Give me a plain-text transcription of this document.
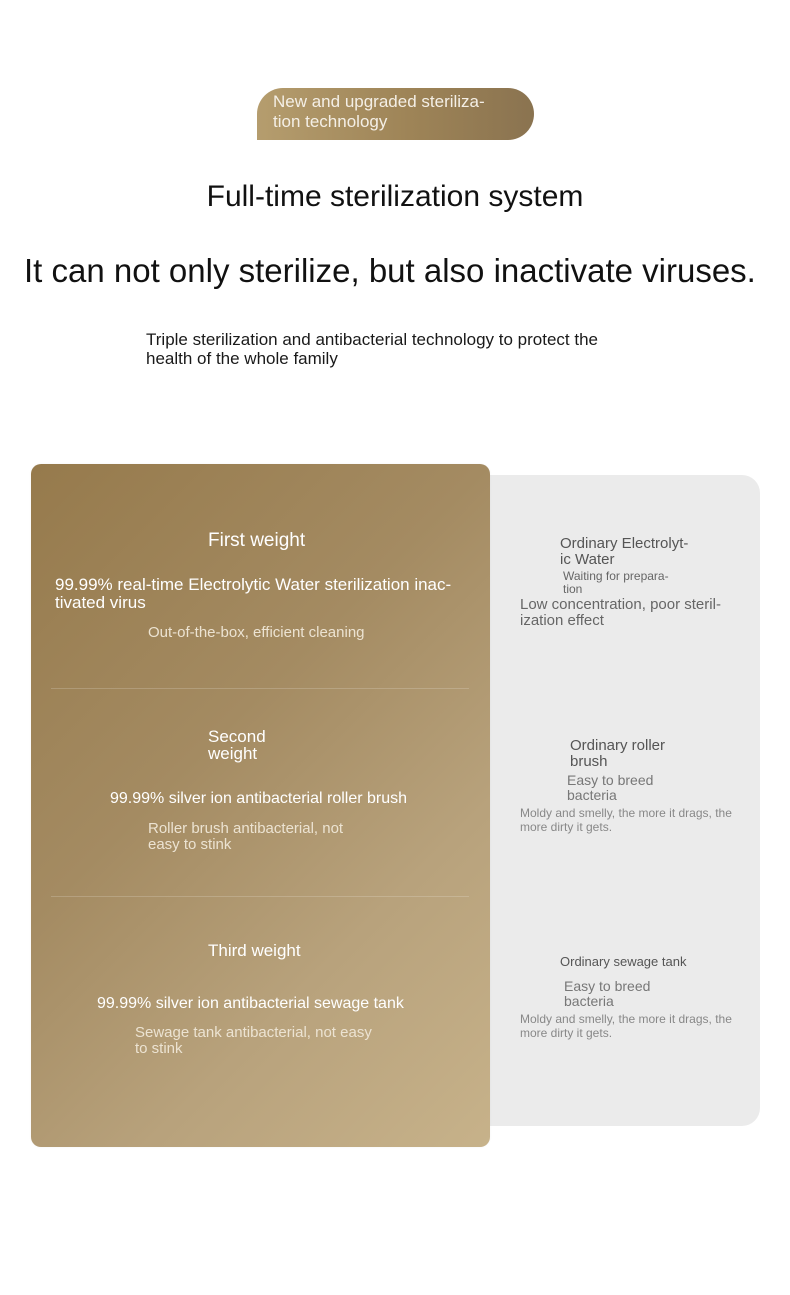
New and upgraded steriliza- tion technology
Full-time sterilization system
It can not only sterilize, but also inactivate viruses.
Triple sterilization and antibacterial technology to protect the health of the whole family
Ordinary Electrolyt- ic Water
Waiting for prepara- tion
Low concentration, poor steril- ization effect
Ordinary roller brush
Easy to breed bacteria
Moldy and smelly, the more it drags, the more dirty it gets.
Ordinary sewage tank
Easy to breed bacteria
Moldy and smelly, the more it drags, the more dirty it gets.
First weight
99.99% real-time Electrolytic Water sterilization inac- tivated virus
Out-of-the-box, efficient cleaning
Second weight
99.99% silver ion antibacterial roller brush
Roller brush antibacterial, not easy to stink
Third weight
99.99% silver ion antibacterial sewage tank
Sewage tank antibacterial, not easy to stink
